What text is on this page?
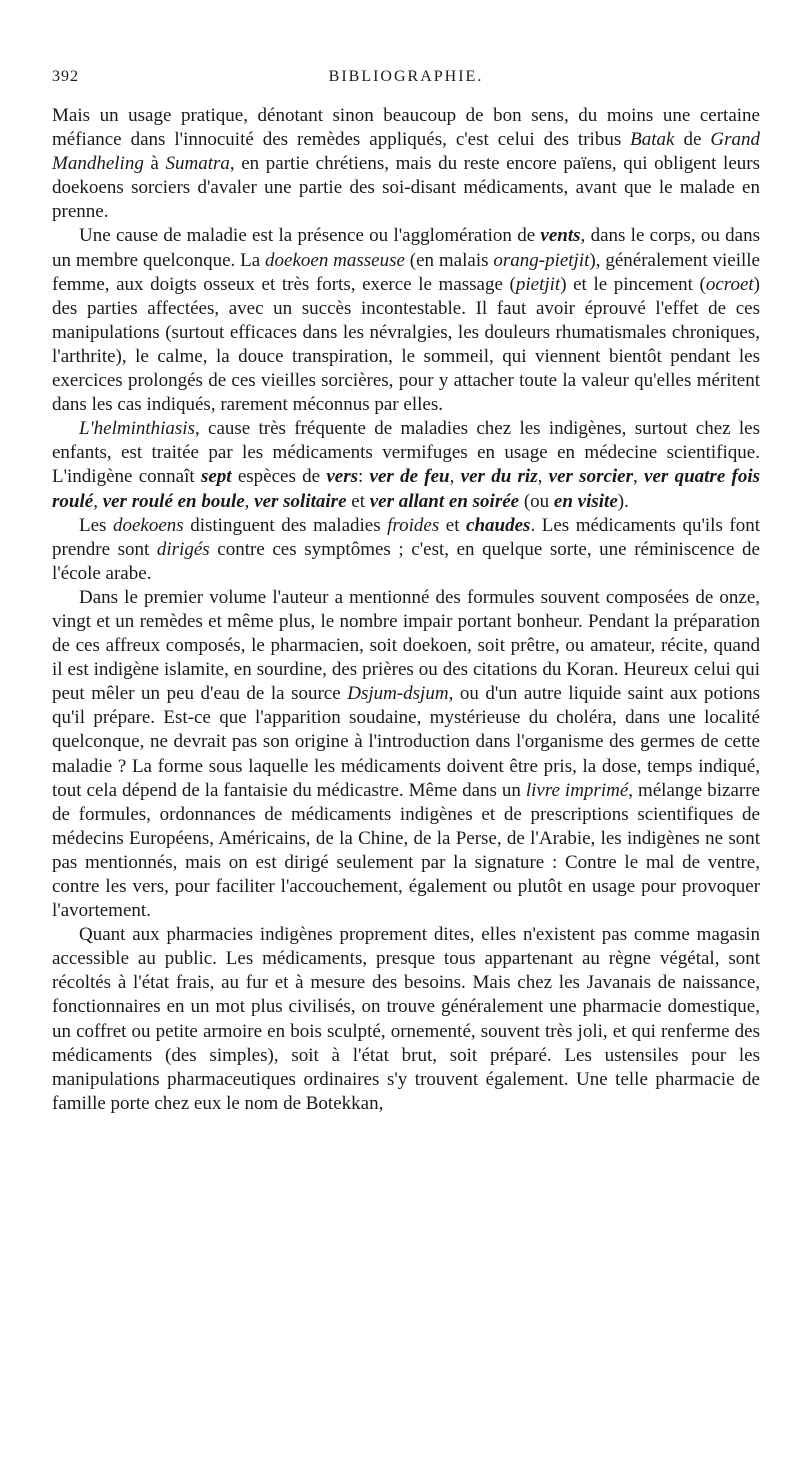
392	BIBLIOGRAPHIE.

Mais un usage pratique, dénotant sinon beaucoup de bon sens, du moins une certaine méfiance dans l'innocuité des remèdes appliqués, c'est celui des tribus Batak de Grand Mandheling à Sumatra, en partie chrétiens, mais du reste encore païens, qui obligent leurs doekoens sorciers d'avaler une partie des soi-disant médicaments, avant que le malade en prenne.

Une cause de maladie est la présence ou l'agglomération de vents, dans le corps, ou dans un membre quelconque. La doekoen masseuse (en malais orang-pietjit), généralement vieille femme, aux doigts osseux et très forts, exerce le massage (pietjit) et le pincement (ocroet) des parties affectées, avec un succès incontestable. Il faut avoir éprouvé l'effet de ces manipulations (surtout efficaces dans les névralgies, les douleurs rhumatismales chroniques, l'arthrite), le calme, la douce transpiration, le sommeil, qui viennent bientôt pendant les exercices prolongés de ces vieilles sorcières, pour y attacher toute la valeur qu'elles méritent dans les cas indiqués, rarement méconnus par elles.

L'helminthiasis, cause très fréquente de maladies chez les indigènes, surtout chez les enfants, est traitée par les médicaments vermifuges en usage en médecine scientifique. L'indigène connaît sept espèces de vers: ver de feu, ver du riz, ver sorcier, ver quatre fois roulé, ver roulé en boule, ver solitaire et ver allant en soirée (ou en visite).

Les doekoens distinguent des maladies froides et chaudes. Les médicaments qu'ils font prendre sont dirigés contre ces symptômes ; c'est, en quelque sorte, une réminiscence de l'école arabe.

Dans le premier volume l'auteur a mentionné des formules souvent composées de onze, vingt et un remèdes et même plus, le nombre impair portant bonheur. Pendant la préparation de ces affreux composés, le pharmacien, soit doekoen, soit prêtre, ou amateur, récite, quand il est indigène islamite, en sourdine, des prières ou des citations du Koran. Heureux celui qui peut mêler un peu d'eau de la source Dsjum-dsjum, ou d'un autre liquide saint aux potions qu'il prépare. Est-ce que l'apparition soudaine, mystérieuse du choléra, dans une localité quelconque, ne devrait pas son origine à l'introduction dans l'organisme des germes de cette maladie ? La forme sous laquelle les médicaments doivent être pris, la dose, temps indiqué, tout cela dépend de la fantaisie du médicastre. Même dans un livre imprimé, mélange bizarre de formules, ordonnances de médicaments indigènes et de prescriptions scientifiques de médecins Européens, Américains, de la Chine, de la Perse, de l'Arabie, les indigènes ne sont pas mentionnés, mais on est dirigé seulement par la signature : Contre le mal de ventre, contre les vers, pour faciliter l'accouchement, également ou plutôt en usage pour provoquer l'avortement.

Quant aux pharmacies indigènes proprement dites, elles n'existent pas comme magasin accessible au public. Les médicaments, presque tous appartenant au règne végétal, sont récoltés à l'état frais, au fur et à mesure des besoins. Mais chez les Javanais de naissance, fonctionnaires en un mot plus civilisés, on trouve généralement une pharmacie domestique, un coffret ou petite armoire en bois sculpté, ornementé, souvent très joli, et qui renferme des médicaments (des simples), soit à l'état brut, soit préparé. Les ustensiles pour les manipulations pharmaceutiques ordinaires s'y trouvent également. Une telle pharmacie de famille porte chez eux le nom de Botekkan,
